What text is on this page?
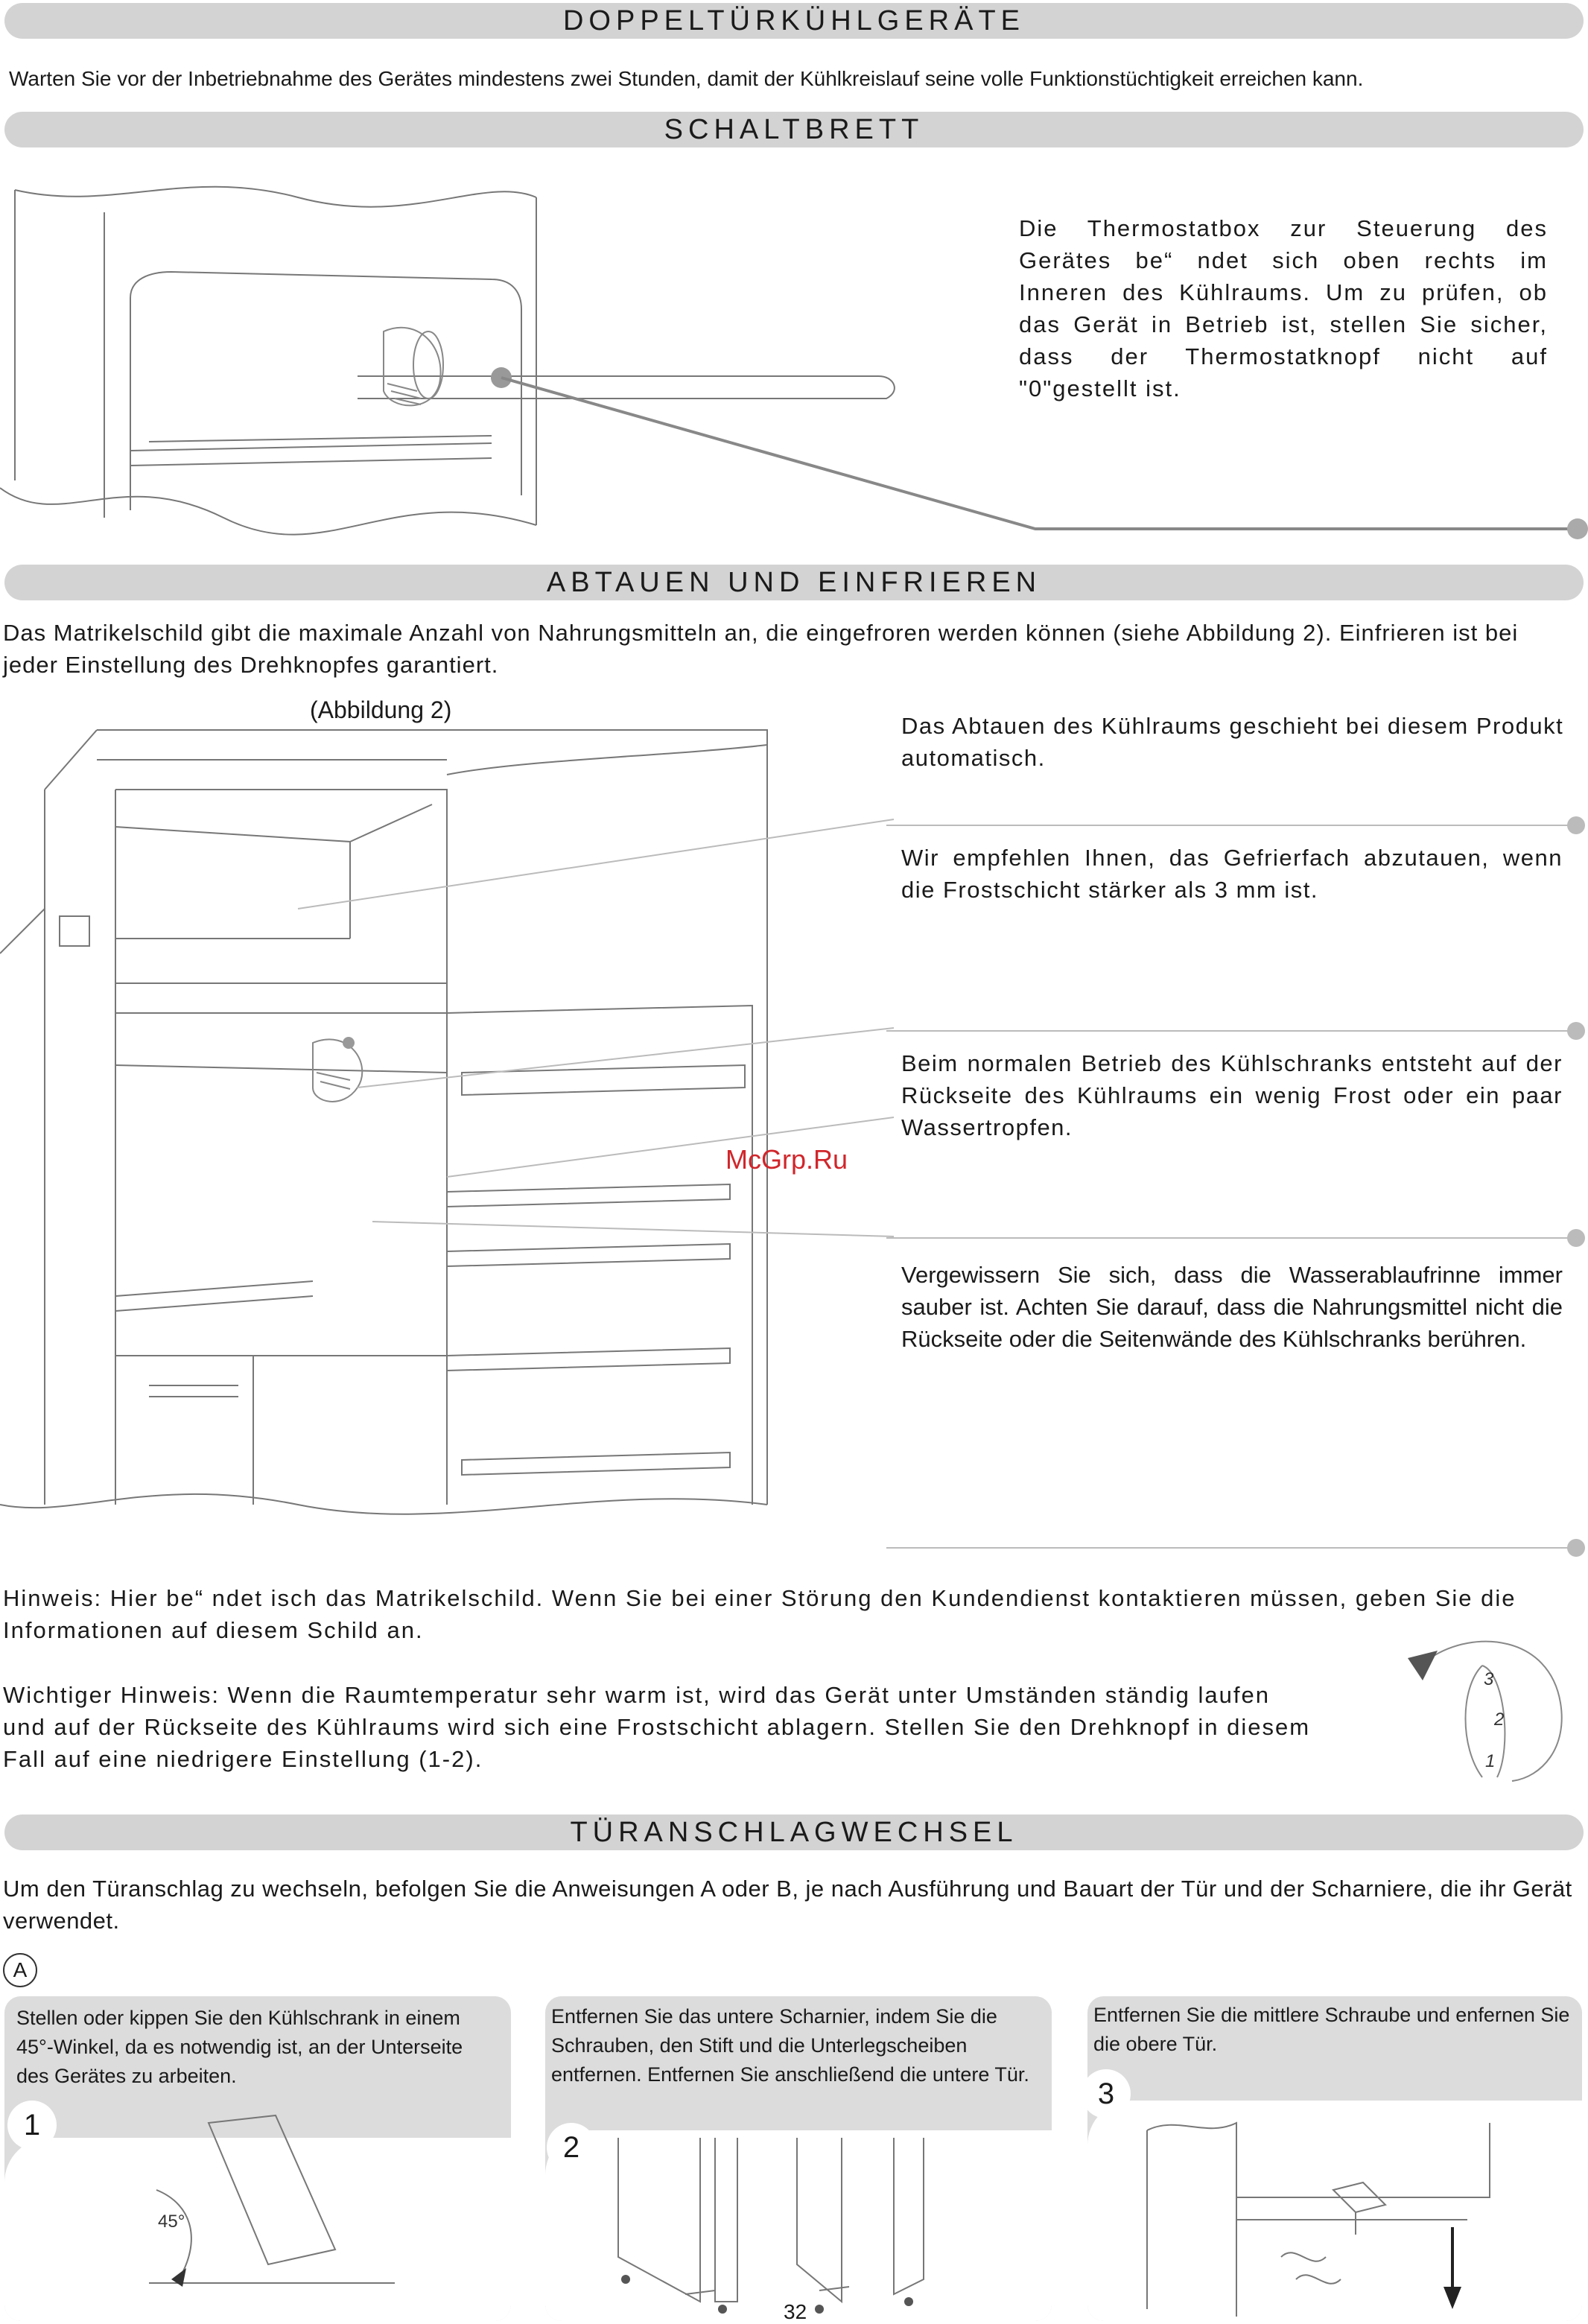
DOPPELTÜRKÜHLGERÄTE
Warten Sie vor der Inbetriebnahme des Gerätes mindestens zwei Stunden, damit der Kühlkreislauf seine volle Funktionstüchtigkeit erreichen kann.
SCHALTBRETT
Die Thermostatbox zur Steuerung des Gerätes be“ ndet sich oben rechts im Inneren des Kühlraums. Um zu prüfen, ob das Gerät in Betrieb ist, stellen Sie sicher, dass der Thermostatknopf nicht auf "0"gestellt ist.
ABTAUEN UND EINFRIEREN
Das Matrikelschild gibt die maximale Anzahl von Nahrungsmitteln an, die eingefroren werden können (siehe Abbildung 2). Einfrieren ist bei jeder Einstellung des Drehknopfes garantiert.
(Abbildung 2)
Das Abtauen des Kühlraums geschieht bei diesem Produkt automatisch.
Wir empfehlen Ihnen, das Gefrierfach abzutauen, wenn die Frostschicht stärker als 3 mm ist.
Beim normalen Betrieb des Kühlschranks entsteht auf der Rückseite des Kühlraums ein wenig Frost oder ein paar Wassertropfen.
Vergewissern Sie sich, dass die Wasserablaufrinne immer sauber ist. Achten Sie darauf, dass die Nahrungsmittel nicht die Rückseite oder die Seitenwände des Kühlschranks berühren.
McGrp.Ru
Hinweis: Hier be“ ndet isch das Matrikelschild. Wenn Sie bei einer Störung den Kundendienst kontaktieren müssen, geben Sie die Informationen auf diesem Schild an.
Wichtiger Hinweis: Wenn die Raumtemperatur sehr warm ist, wird das Gerät unter Umständen ständig laufen und auf der Rückseite des Kühlraums wird sich eine Frostschicht ablagern. Stellen Sie den Drehknopf in diesem Fall auf eine niedrigere Einstellung (1-2).
3
2
1
TÜRANSCHLAGWECHSEL
Um den Türanschlag zu wechseln, befolgen Sie die Anweisungen A oder B, je nach Ausführung und Bauart der Tür und der Scharniere, die ihr Gerät verwendet.
A
Stellen oder kippen Sie den Kühlschrank in einem 45°-Winkel, da es notwendig ist, an der Unterseite des Gerätes zu arbeiten.
1
45°
Entfernen Sie das untere Scharnier, indem Sie die Schrauben, den Stift und die Unterlegscheiben entfernen. Entfernen Sie anschließend die untere Tür.
2
Entfernen Sie die mittlere Schraube und enfernen Sie die obere Tür.
3
32
